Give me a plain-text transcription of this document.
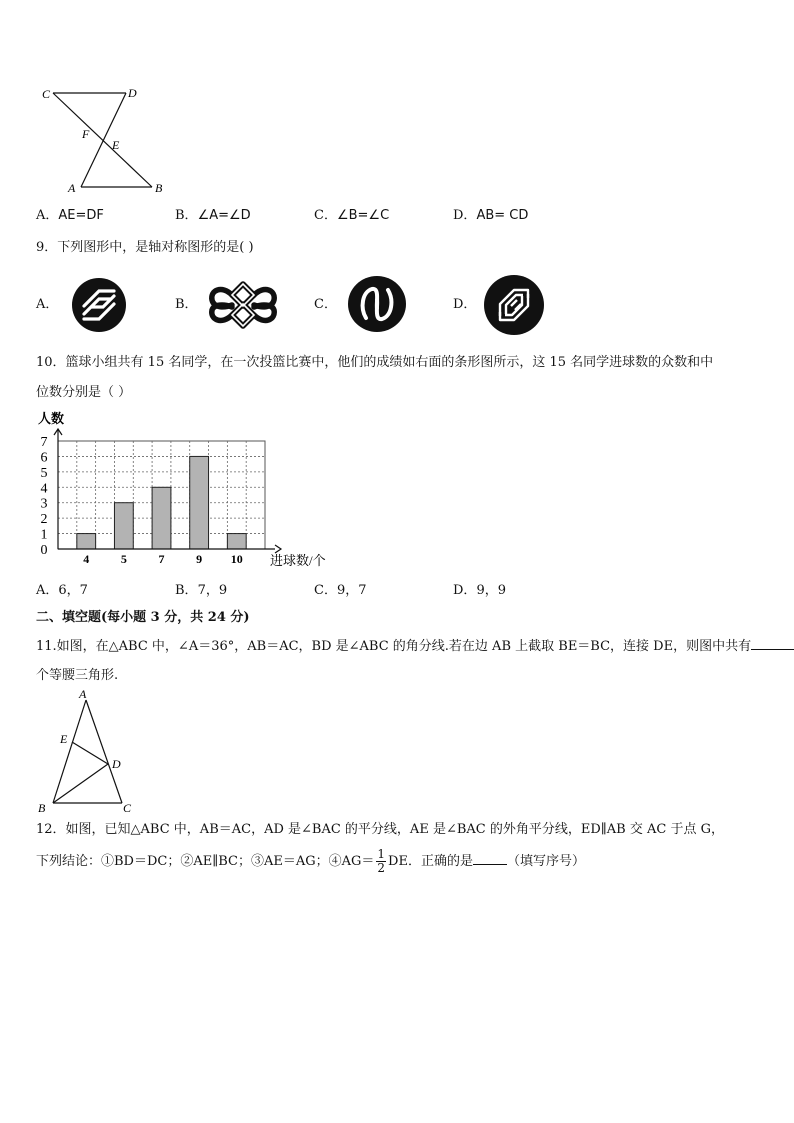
C	D
F
E
A	B
A．AE=DF	B．∠A=∠D	C．∠B=∠C	D．AB= CD
9．下列图形中，是轴对称图形的是( )
A．	B．	C．	D．
10．篮球小组共有 15 名同学，在一次投篮比赛中，他们的成绩如右面的条形图所示，这 15 名同学进球数的众数和中
位数分别是（ ）
0
1
2
3
4
5
6
7
4	5	7	9 10
人数
进球数/个
A．6，7	B．7，9	C．9，7	D．9，9
二、填空题(每小题 3 分，共 24 分)
11.如图，在△ABC 中，∠A＝36°，AB＝AC，BD 是∠ABC 的角分线.若在边 AB 上截取 BE＝BC，连接 DE，则图中共有
个等腰三角形.
A
E
D
B	C
12．如图，已知△ABC 中，AB＝AC，AD 是∠BAC 的平分线，AE 是∠BAC 的外角平分线，ED∥AB 交 AC 于点 G，
下列结论：①BD＝DC；②AE∥BC；③AE＝AG；④AG＝ $\frac{1}{2}$ DE．正确的是	（填写序号）
